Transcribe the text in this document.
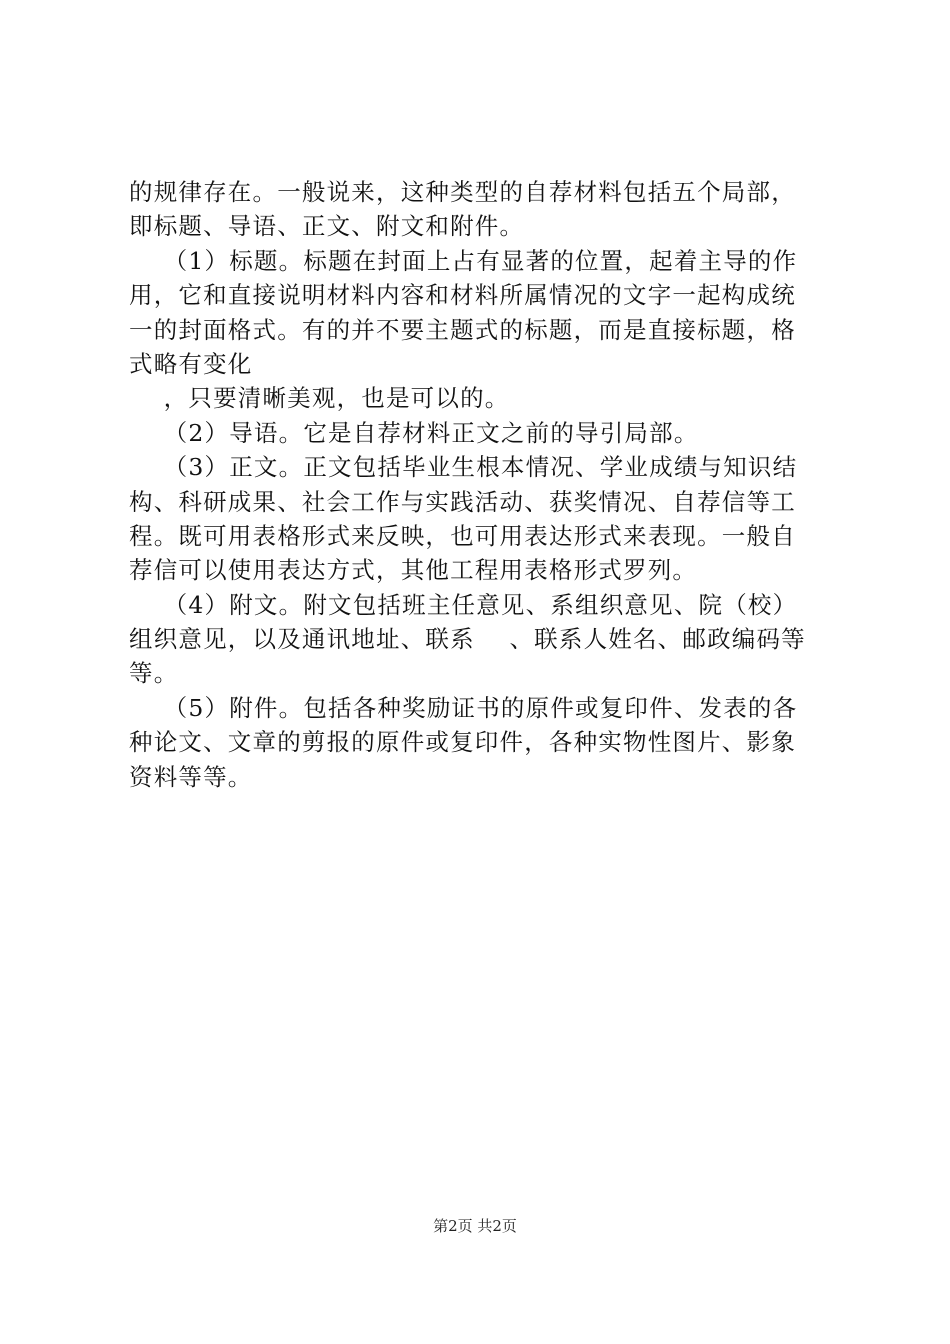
的规律存在。一般说来，这种类型的自荐材料包括五个局部，
即标题、导语、正文、附文和附件。
（1）标题。标题在封面上占有显著的位置，起着主导的作
用，它和直接说明材料内容和材料所属情况的文字一起构成统
一的封面格式。有的并不要主题式的标题，而是直接标题，格
式略有变化
，只要清晰美观，也是可以的。
（2）导语。它是自荐材料正文之前的导引局部。
（3）正文。正文包括毕业生根本情况、学业成绩与知识结
构、科研成果、社会工作与实践活动、获奖情况、自荐信等工
程。既可用表格形式来反映，也可用表达形式来表现。一般自
荐信可以使用表达方式，其他工程用表格形式罗列。
（4）附文。附文包括班主任意见、系组织意见、院（校）
组织意见，以及通讯地址、联系    、联系人姓名、邮政编码等
等。
（5）附件。包括各种奖励证书的原件或复印件、发表的各
种论文、文章的剪报的原件或复印件，各种实物性图片、影象
资料等等。
第2页 共2页
